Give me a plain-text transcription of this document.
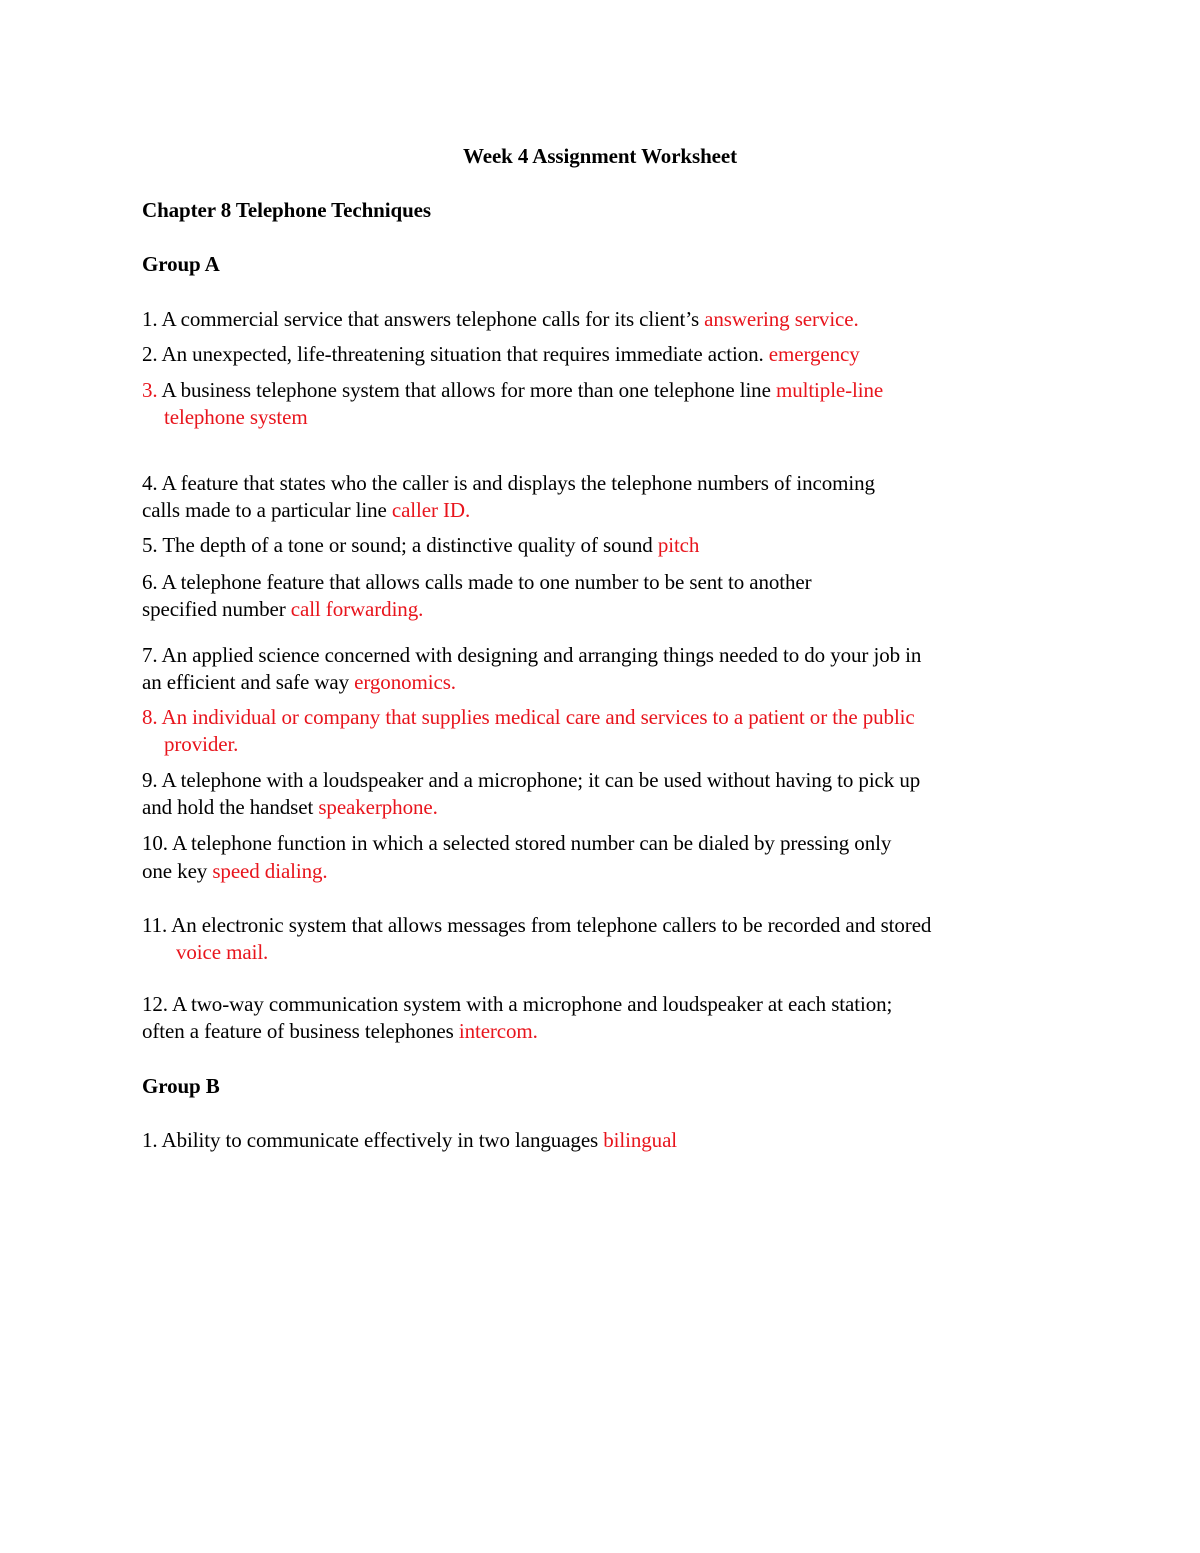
Week 4 Assignment Worksheet
Chapter 8 Telephone Techniques
Group A
1. A commercial service that answers telephone calls for its client’s answering service.
2. An unexpected, life-threatening situation that requires immediate action. emergency
3. A business telephone system that allows for more than one telephone line multiple-line
telephone system
4. A feature that states who the caller is and displays the telephone numbers of incoming
calls made to a particular line caller ID.
5. The depth of a tone or sound; a distinctive quality of sound pitch
6. A telephone feature that allows calls made to one number to be sent to another
specified number call forwarding.
7. An applied science concerned with designing and arranging things needed to do your job in
an efficient and safe way ergonomics.
8. An individual or company that supplies medical care and services to a patient or the public
provider.
9. A telephone with a loudspeaker and a microphone; it can be used without having to pick up
and hold the handset speakerphone.
10. A telephone function in which a selected stored number can be dialed by pressing only
one key speed dialing.
11. An electronic system that allows messages from telephone callers to be recorded and stored
voice mail.
12. A two-way communication system with a microphone and loudspeaker at each station;
often a feature of business telephones intercom.
Group B
1. Ability to communicate effectively in two languages bilingual
